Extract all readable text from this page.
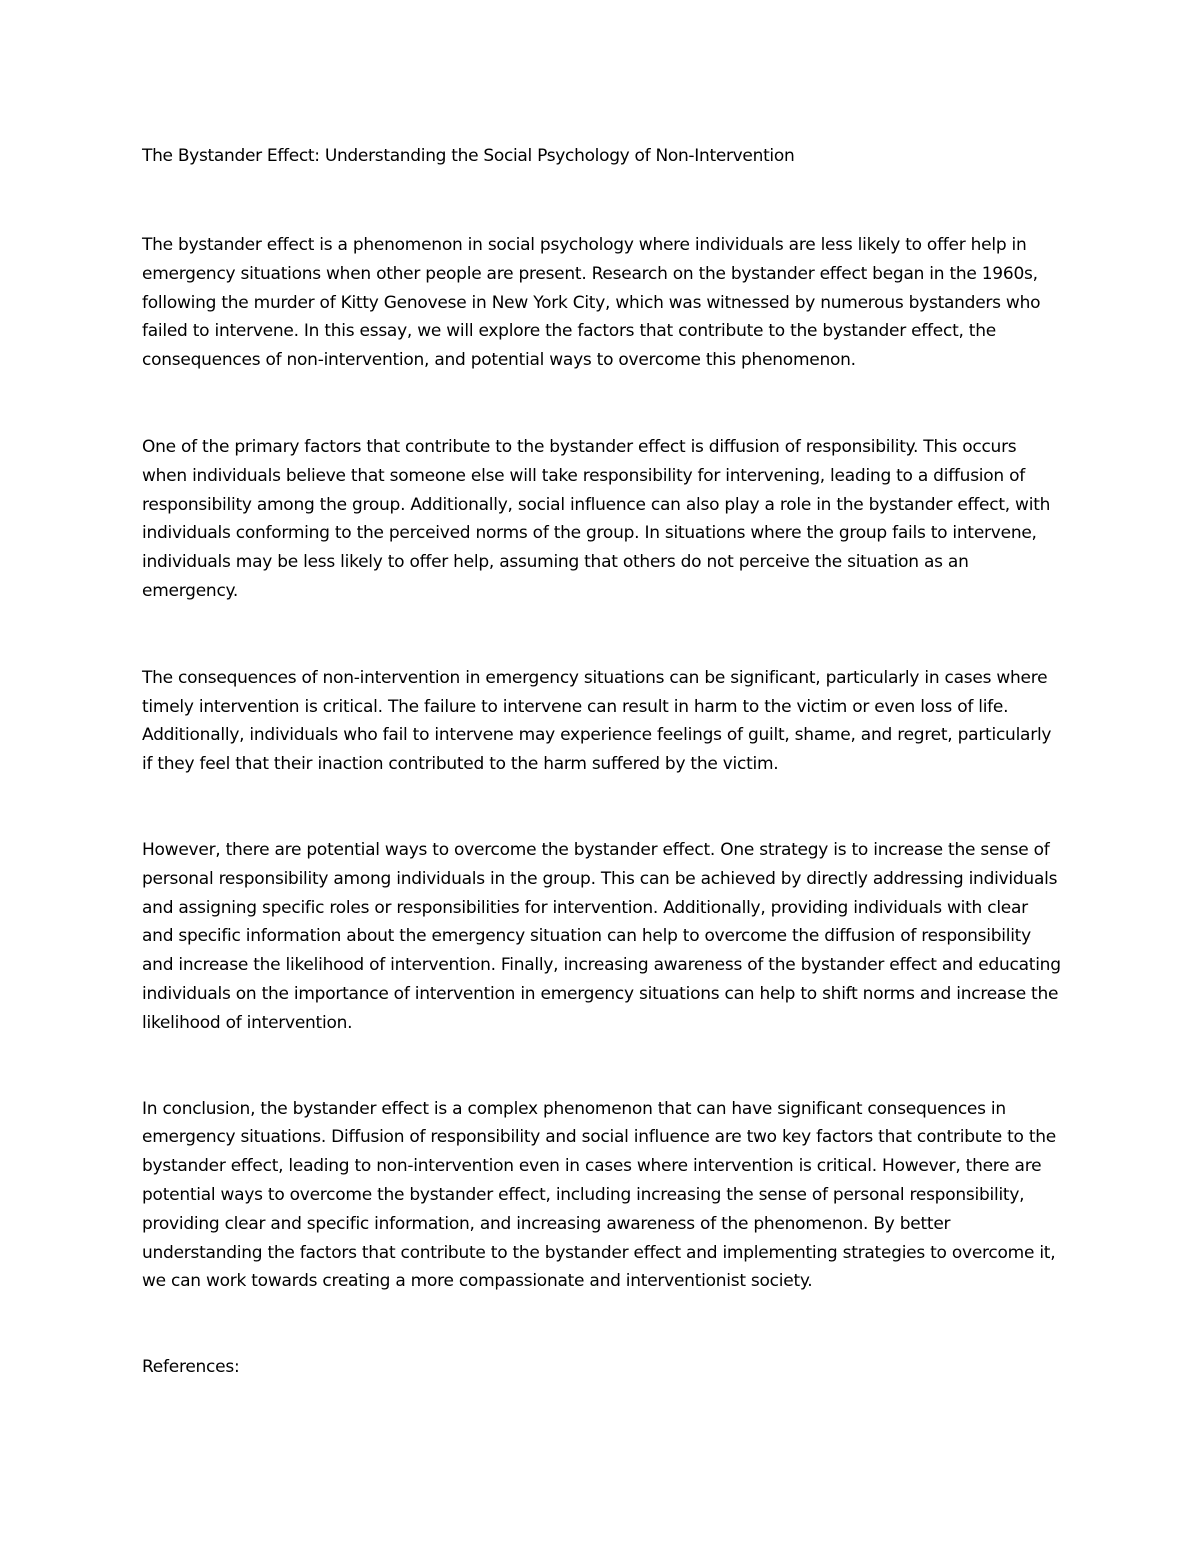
The Bystander Effect: Understanding the Social Psychology of Non-Intervention

The bystander effect is a phenomenon in social psychology where individuals are less likely to offer help in emergency situations when other people are present. Research on the bystander effect began in the 1960s, following the murder of Kitty Genovese in New York City, which was witnessed by numerous bystanders who failed to intervene. In this essay, we will explore the factors that contribute to the bystander effect, the consequences of non-intervention, and potential ways to overcome this phenomenon.

One of the primary factors that contribute to the bystander effect is diffusion of responsibility. This occurs when individuals believe that someone else will take responsibility for intervening, leading to a diffusion of responsibility among the group. Additionally, social influence can also play a role in the bystander effect, with individuals conforming to the perceived norms of the group. In situations where the group fails to intervene, individuals may be less likely to offer help, assuming that others do not perceive the situation as an emergency.

The consequences of non-intervention in emergency situations can be significant, particularly in cases where timely intervention is critical. The failure to intervene can result in harm to the victim or even loss of life. Additionally, individuals who fail to intervene may experience feelings of guilt, shame, and regret, particularly if they feel that their inaction contributed to the harm suffered by the victim.

However, there are potential ways to overcome the bystander effect. One strategy is to increase the sense of personal responsibility among individuals in the group. This can be achieved by directly addressing individuals and assigning specific roles or responsibilities for intervention. Additionally, providing individuals with clear and specific information about the emergency situation can help to overcome the diffusion of responsibility and increase the likelihood of intervention. Finally, increasing awareness of the bystander effect and educating individuals on the importance of intervention in emergency situations can help to shift norms and increase the likelihood of intervention.

In conclusion, the bystander effect is a complex phenomenon that can have significant consequences in emergency situations. Diffusion of responsibility and social influence are two key factors that contribute to the bystander effect, leading to non-intervention even in cases where intervention is critical. However, there are potential ways to overcome the bystander effect, including increasing the sense of personal responsibility, providing clear and specific information, and increasing awareness of the phenomenon. By better understanding the factors that contribute to the bystander effect and implementing strategies to overcome it, we can work towards creating a more compassionate and interventionist society.

References:
